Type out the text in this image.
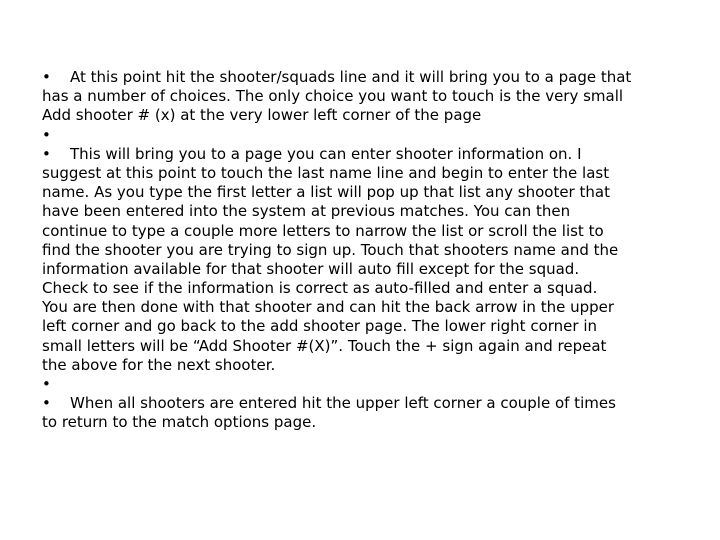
• At this point hit the shooter/squads line and it will bring you to a page that
has a number of choices. The only choice you want to touch is the very small
Add shooter # (x) at the very lower left corner of the page
•
• This will bring you to a page you can enter shooter information on. I
suggest at this point to touch the last name line and begin to enter the last
name. As you type the first letter a list will pop up that list any shooter that
have been entered into the system at previous matches. You can then
continue to type a couple more letters to narrow the list or scroll the list to
find the shooter you are trying to sign up. Touch that shooters name and the
information available for that shooter will auto fill except for the squad.
Check to see if the information is correct as auto-filled and enter a squad.
You are then done with that shooter and can hit the back arrow in the upper
left corner and go back to the add shooter page. The lower right corner in
small letters will be “Add Shooter #(X)”. Touch the + sign again and repeat
the above for the next shooter.
•
• When all shooters are entered hit the upper left corner a couple of times
to return to the match options page.
